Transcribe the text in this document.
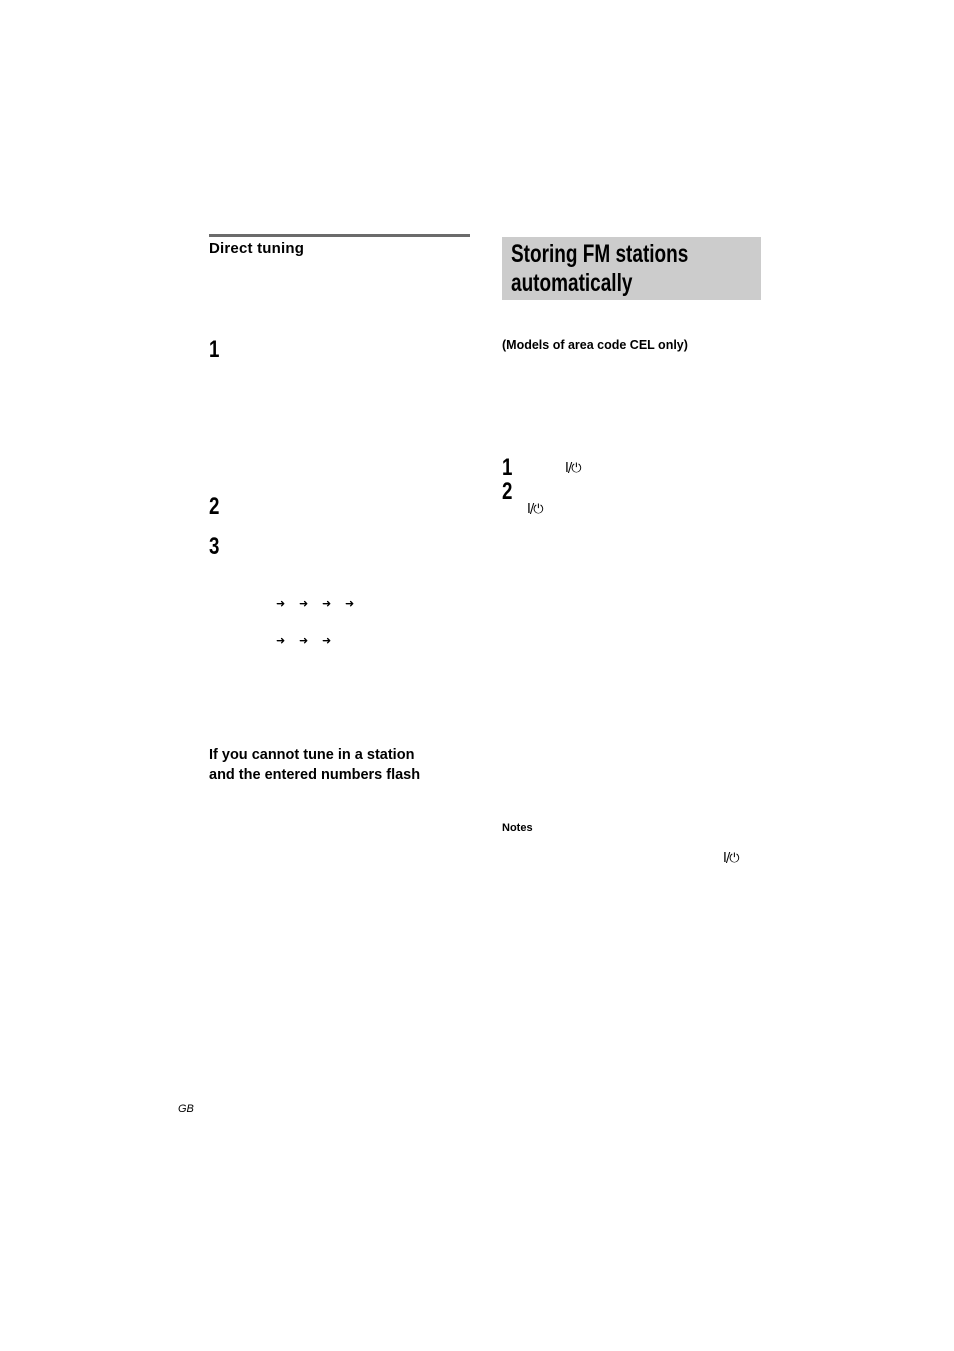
Direct tuning
1
2
3
➜ ➜ ➜ ➜
➜ ➜ ➜
If you cannot tune in a station
and the entered numbers flash
Storing FM stations
automatically
(Models of area code CEL only)
1	I/⏻
2
I/⏻
Notes
I/⏻
GB
